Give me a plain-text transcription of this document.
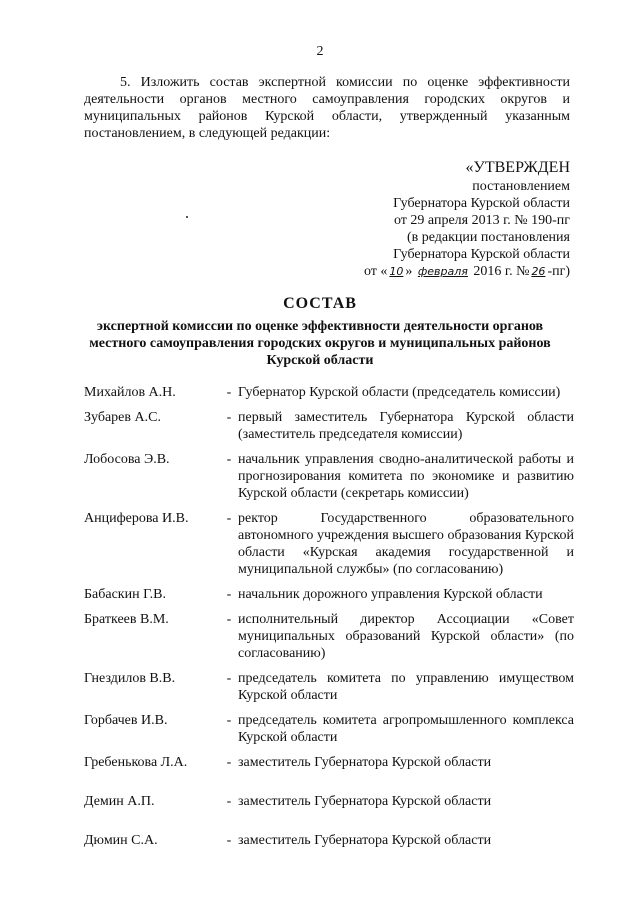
2
5. Изложить состав экспертной комиссии по оценке эффективности деятельности органов местного самоуправления городских округов и муниципальных районов Курской области, утвержденный указанным постановлением, в следующей редакции:
«УТВЕРЖДЕН
постановлением
Губернатора Курской области
от 29 апреля 2013 г. № 190-пг
(в редакции постановления
Губернатора Курской области
от « 10 » февраля 2016 г. № 26 -пг)
СОСТАВ
экспертной комиссии по оценке эффективности деятельности органов местного самоуправления городских округов и муниципальных районов Курской области
Михайлов А.Н.	- Губернатор Курской области (председатель комиссии)
Зубарев А.С.	- первый заместитель Губернатора Курской области (заместитель председателя комиссии)
Лобосова Э.В.	- начальник управления сводно-аналитической работы и прогнозирования комитета по экономике и развитию Курской области (секретарь комиссии)
Анциферова И.В.	- ректор Государственного образовательного автономного учреждения высшего образования Курской области «Курская академия государственной и муниципальной службы» (по согласованию)
Бабаскин Г.В.	- начальник дорожного управления Курской области
Браткеев В.М.	- исполнительный директор Ассоциации «Совет муниципальных образований Курской области» (по согласованию)
Гнездилов В.В.	- председатель комитета по управлению имуществом Курской области
Горбачев И.В.	- председатель комитета агропромышленного комплекса Курской области
Гребенькова Л.А.	- заместитель Губернатора Курской области
Демин А.П.	- заместитель Губернатора Курской области
Дюмин С.А.	- заместитель Губернатора Курской области
